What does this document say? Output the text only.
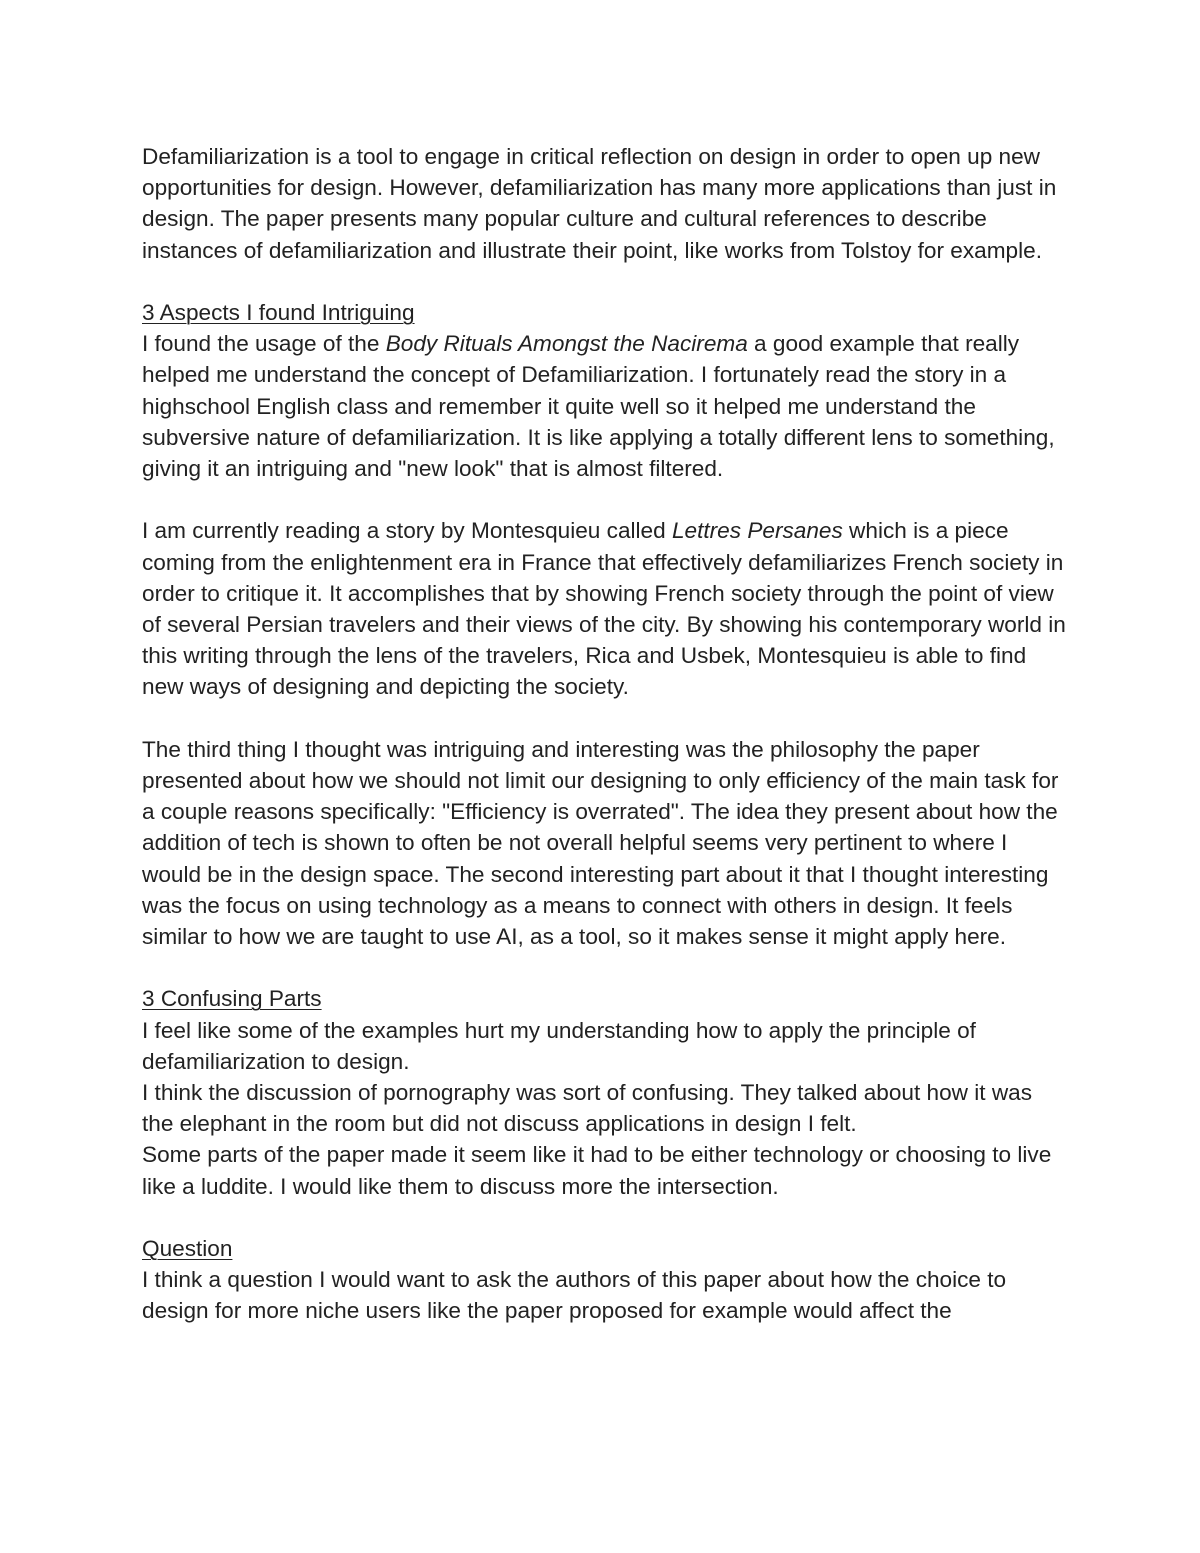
Defamiliarization is a tool to engage in critical reflection on design in order to open up new opportunities for design. However, defamiliarization has many more applications than just in design. The paper presents many popular culture and cultural references to describe instances of defamiliarization and illustrate their point, like works from Tolstoy for example.

3 Aspects I found Intriguing

I found the usage of the Body Rituals Amongst the Nacirema a good example that really helped me understand the concept of Defamiliarization. I fortunately read the story in a highschool English class and remember it quite well so it helped me understand the subversive nature of defamiliarization. It is like applying a totally different lens to something, giving it an intriguing and "new look" that is almost filtered.

I am currently reading a story by Montesquieu called Lettres Persanes which is a piece coming from the enlightenment era in France that effectively defamiliarizes French society in order to critique it. It accomplishes that by showing French society through the point of view of several Persian travelers and their views of the city. By showing his contemporary world in this writing through the lens of the travelers, Rica and Usbek, Montesquieu is able to find new ways of designing and depicting the society.

The third thing I thought was intriguing and interesting was the philosophy the paper presented about how we should not limit our designing to only efficiency of the main task for a couple reasons specifically: "Efficiency is overrated". The idea they present about how the addition of tech is shown to often be not overall helpful seems very pertinent to where I would be in the design space. The second interesting part about it that I thought interesting was the focus on using technology as a means to connect with others in design. It feels similar to how we are taught to use AI, as a tool, so it makes sense it might apply here.

3 Confusing Parts

I feel like some of the examples hurt my understanding how to apply the principle of defamiliarization to design.

I think the discussion of pornography was sort of confusing. They talked about how it was the elephant in the room but did not discuss applications in design I felt.

Some parts of the paper made it seem like it had to be either technology or choosing to live like a luddite. I would like them to discuss more the intersection.

Question

I think a question I would want to ask the authors of this paper about how the choice to design for more niche users like the paper proposed for example would affect the
